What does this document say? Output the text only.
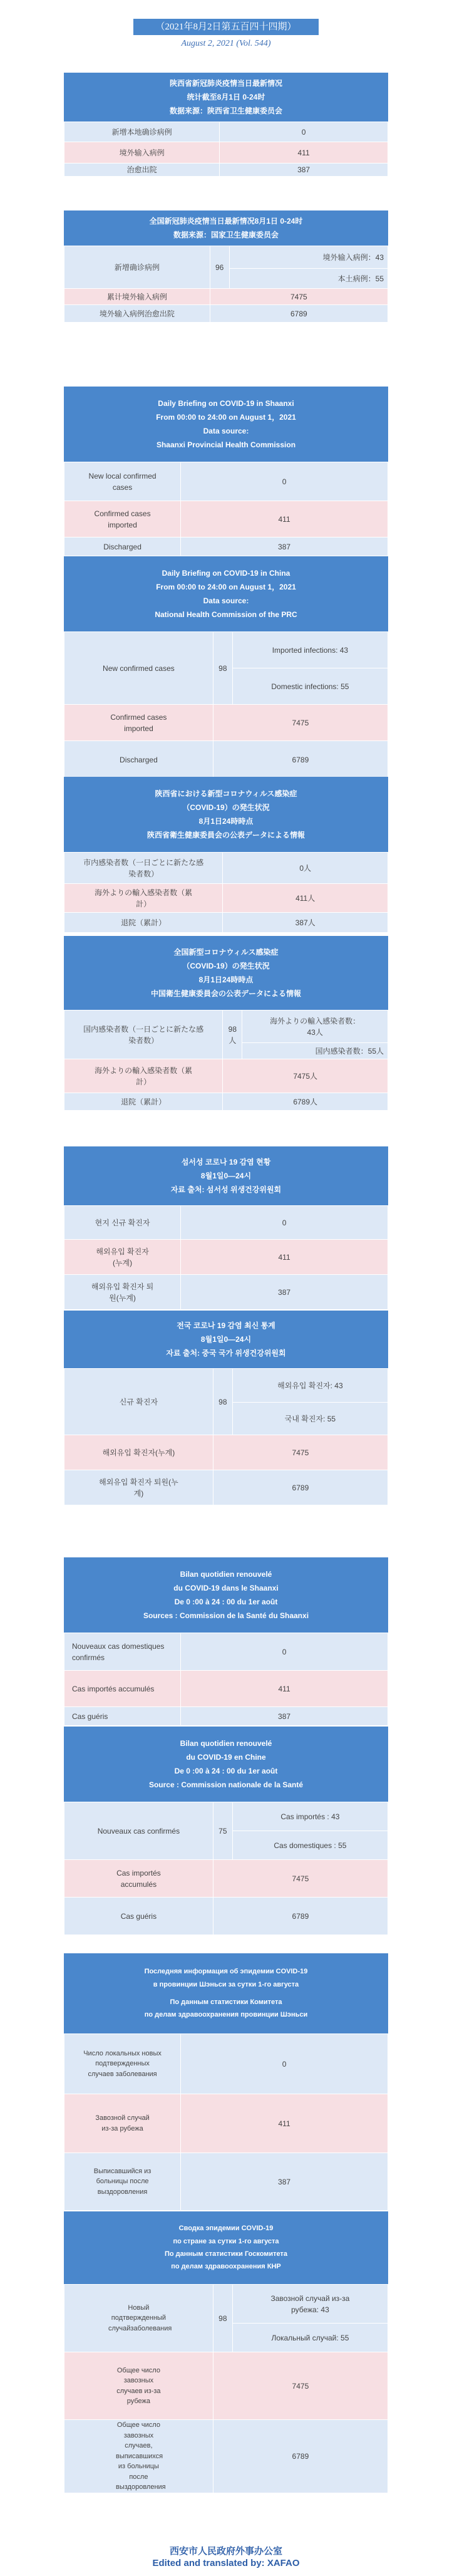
（2021年8月2日第五百四十四期）
August 2, 2021 (Vol. 544)
陕西省新冠肺炎疫情当日最新情况
统计截至8月1日 0-24时
数据来源：陕西省卫生健康委员会
新增本地确诊病例	0
境外输入病例	411
治愈出院	387
全国新冠肺炎疫情当日最新情况8月1日 0-24时
数据来源：国家卫生健康委员会
新增确诊病例	96	境外输入病例：43
		本土病例：55
累计境外输入病例	7475	
境外输入病例治愈出院	6789	
Daily Briefing on COVID-19 in Shaanxi
From 00:00 to 24:00 on August 1，2021
Data source:
Shaanxi Provincial Health Commission
New local confirmed cases	0
Confirmed cases imported	411
Discharged	387
Daily Briefing on COVID-19 in China
From 00:00 to 24:00 on August 1，2021
Data source:
National Health Commission of the PRC
New confirmed cases	98	Imported infections: 43
		Domestic infections: 55
Confirmed cases imported	7475	
Discharged	6789	
陝西省における新型コロナウィルス感染症
（COVID-19）の発生状況
8月1日24時時点
陝西省衛生健康委員会の公表データによる情報
市内感染者数（一日ごとに新たな感染者数）	0人
海外よりの輸入感染者数（累計）	411人
退院（累計）	387人
全国新型コロナウィルス感染症
（COVID-19）の発生状況
8月1日24時時点
中国衛生健康委員会の公表データによる情報
国内感染者数（一日ごとに新たな感染者数）	98人	海外よりの輸入感染者数：43人
		国内感染者数：55人
海外よりの輸入感染者数（累計）	7475人	
退院（累計）	6789人	
섬서성 코로나 19 감염 현황
8월1일0—24시
자료 출처: 섬서성 위생건강위원회
현지 신규 확진자	0
해외유입 확진자(누계)	411
해외유입 확진자 퇴원(누계)	387
전국 코로나 19 감염 최신 통계
8월1일0—24시
자료 출처: 중국 국가 위생건강위원회
신규 확진자	98	해외유입 확진자: 43
		국내 확진자: 55
해외유입 확진자(누계)	7475	
해외유입 확진자 퇴원(누계)	6789	
Bilan quotidien renouvelé
du COVID-19 dans le Shaanxi
De 0 :00 à 24 : 00 du 1er août
Sources : Commission de la Santé du Shaanxi
Nouveaux cas domestiques confirmés	0
Cas importés accumulés	411
Cas guéris	387
Bilan quotidien renouvelé
du COVID-19 en Chine
De 0 :00 à 24 : 00 du 1er août
Source : Commission nationale de la Santé
Nouveaux cas confirmés	75	Cas importés : 43
		Cas domestiques : 55
Cas importés accumulés	7475	
Cas guéris	6789	
Последняя информация об эпидемии COVID-19
в провинции Шэньси за сутки 1-го августа
По данным статистики Комитета
по делам здравоохранения провинции Шэньси
Число локальных новых подтвержденных случаев заболевания	0
Завозной случай из-за рубежа	411
Выписавшийся из больницы после выздоровления	387
Сводка эпидемии COVID-19
по стране за сутки 1-го августа
По данным статистики Госкомитета
по делам здравоохранения КНР
Новый подтвержденный случайзаболевания	98	Завозной случай из-за рубежа: 43
		Локальный случай: 55
Общее число завозных случаев из-за рубежа	7475	
Общее число завозных случаев, выписавшихся из больницы после выздоровления	6789	
西安市人民政府外事办公室
Edited and translated by: XAFAO
